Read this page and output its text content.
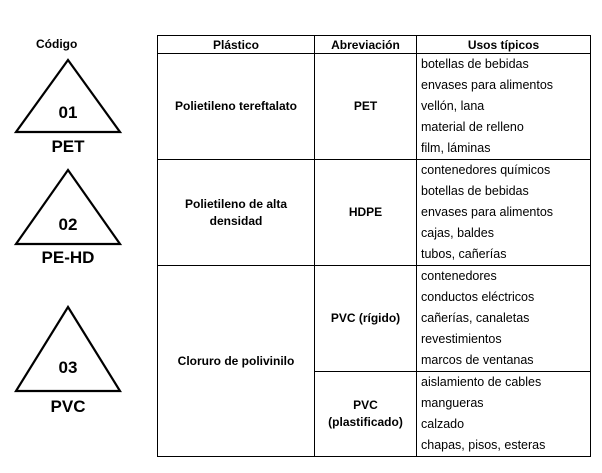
Código
01
PET
02
PE-HD
03
PVC
Plástico	Abreviación	Usos típicos
Polietileno tereftalato	PET	botellas de bebidas
envases para alimentos
vellón, lana
material de relleno
film, láminas

Polietileno de alta densidad	HDPE	contenedores químicos
botellas de bebidas
envases para alimentos
cajas, baldes
tubos, cañerías

Cloruro de polivinilo	PVC (rígido)	contenedores
conductos eléctricos
cañerías, canaletas
revestimientos
marcos de ventanas

	PVC (plastificado)	aislamiento de cables
mangueras
calzado
chapas, pisos, esteras
